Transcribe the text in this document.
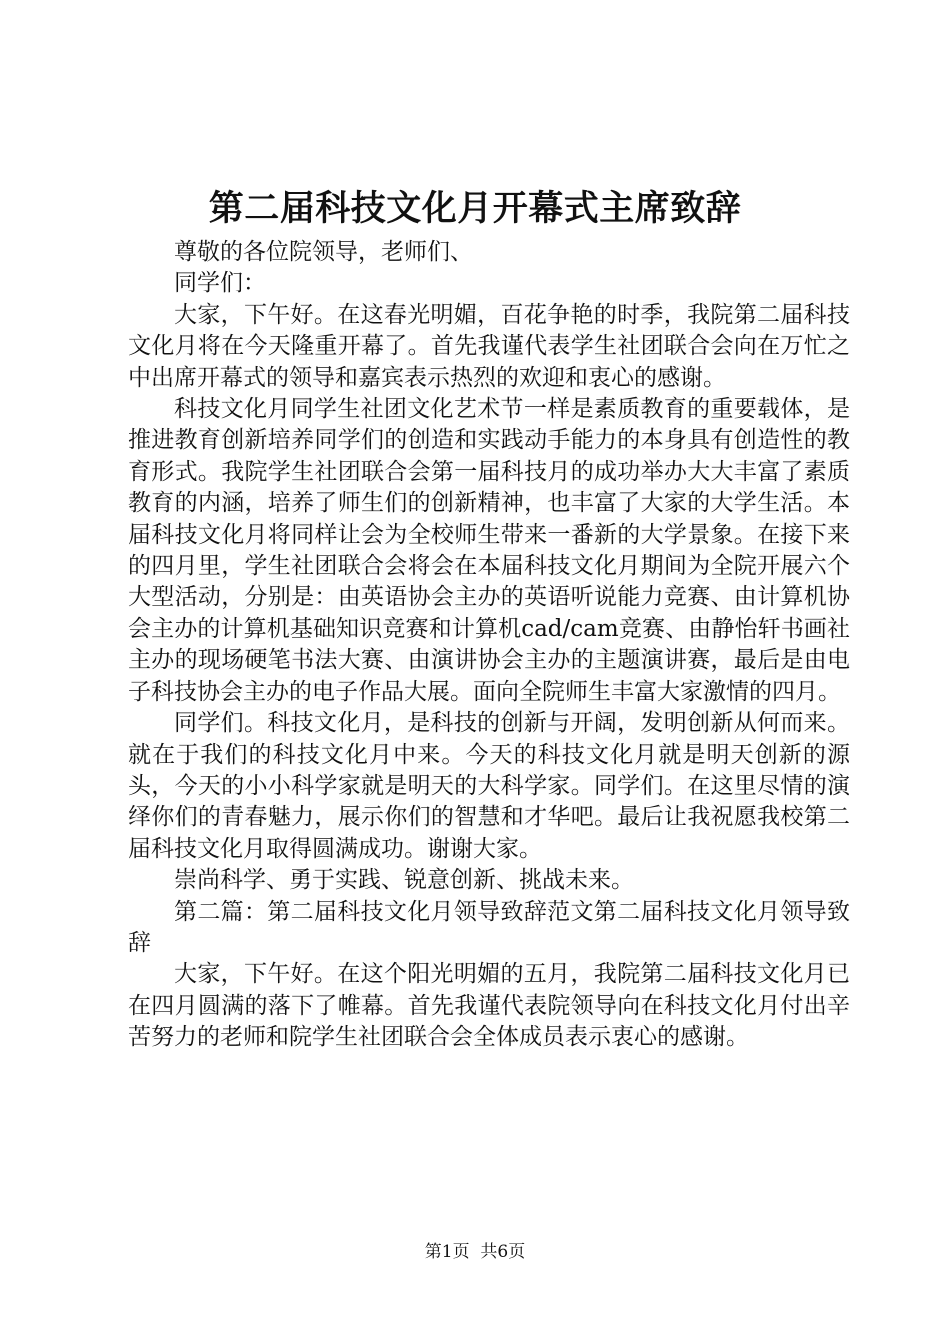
第二届科技文化月开幕式主席致辞

尊敬的各位院领导，老师们、

同学们：

大家，下午好。在这春光明媚，百花争艳的时季，我院第二届科技文化月将在今天隆重开幕了。首先我谨代表学生社团联合会向在万忙之中出席开幕式的领导和嘉宾表示热烈的欢迎和衷心的感谢。

科技文化月同学生社团文化艺术节一样是素质教育的重要载体，是推进教育创新培养同学们的创造和实践动手能力的本身具有创造性的教育形式。我院学生社团联合会第一届科技月的成功举办大大丰富了素质教育的内涵，培养了师生们的创新精神，也丰富了大家的大学生活。本届科技文化月将同样让会为全校师生带来一番新的大学景象。在接下来的四月里，学生社团联合会将会在本届科技文化月期间为全院开展六个大型活动，分别是：由英语协会主办的英语听说能力竞赛、由计算机协会主办的计算机基础知识竞赛和计算机cad/cam竞赛、由静怡轩书画社主办的现场硬笔书法大赛、由演讲协会主办的主题演讲赛，最后是由电子科技协会主办的电子作品大展。面向全院师生丰富大家激情的四月。

同学们。科技文化月，是科技的创新与开阔，发明创新从何而来。就在于我们的科技文化月中来。今天的科技文化月就是明天创新的源头，今天的小小科学家就是明天的大科学家。同学们。在这里尽情的演绎你们的青春魅力，展示你们的智慧和才华吧。最后让我祝愿我校第二届科技文化月取得圆满成功。谢谢大家。

崇尚科学、勇于实践、锐意创新、挑战未来。

第二篇：第二届科技文化月领导致辞范文第二届科技文化月领导致辞

大家，下午好。在这个阳光明媚的五月，我院第二届科技文化月已在四月圆满的落下了帷幕。首先我谨代表院领导向在科技文化月付出辛苦努力的老师和院学生社团联合会全体成员表示衷心的感谢。

第1页 共6页
